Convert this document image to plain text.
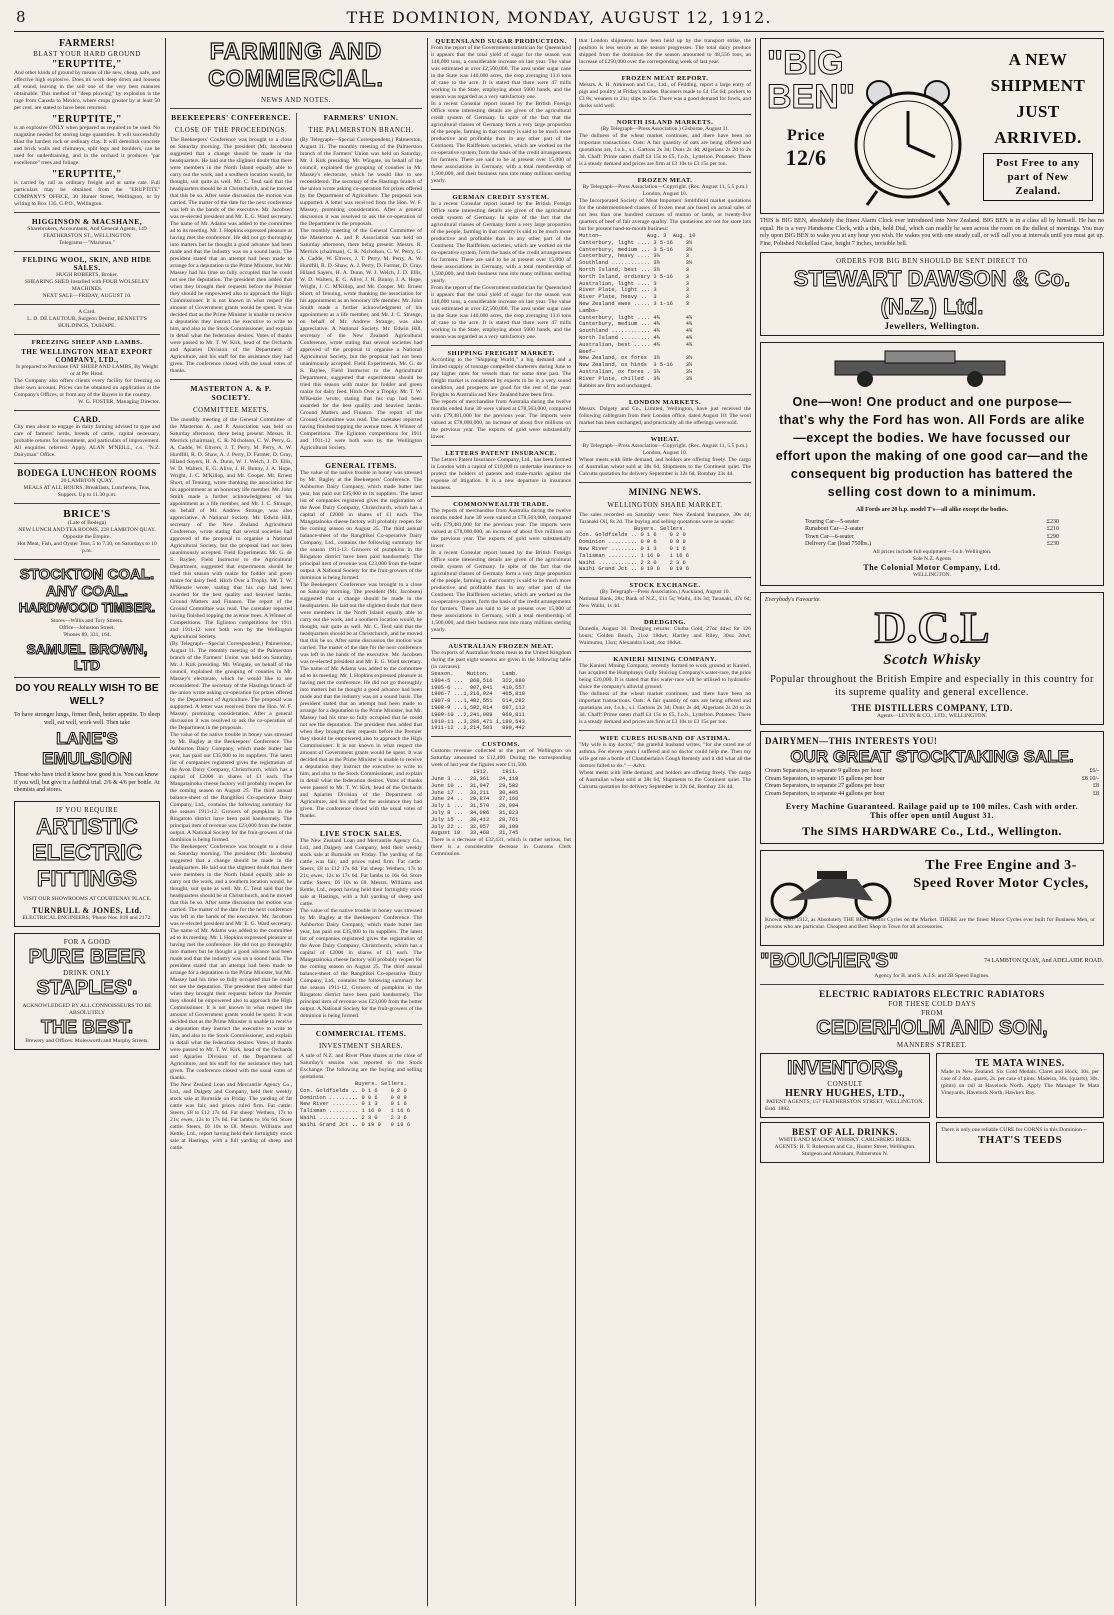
8	THE DOMINION, MONDAY, AUGUST 12, 1912.
FARMERS!
BLAST YOUR HARD GROUND
"ERUPTITE,"
And other kinds of ground by means of the new, cheap, safe, and effective high explosive. Does its work deep down and loosens all round, leaving in the soil one of the very best manures obtainable. This method of "deep plowing" by explosion is the rage from Canada to Mexico, where crops greater by at least 50 per cent. are stated to have been returned.
"ERUPTITE,"
is an explosive ONLY when prepared as required to be used. No magazine needed for storing large quantities. It will successfully blast the hardest rock or ordinary clay. It will demolish concrete and brick walls and chimneys, split logs and boulders, can be used for underdraining, and in the orchard it produces "par excellence" trees and foliage.
"ERUPTITE,"
is carried by rail as ordinary freight and at same rate. Full particulars may be obtained from the "ERUPTITE" COMPANY'S OFFICE, 30 Hunter Street, Wellington, or by writing to Box 135, G.P.O., Wellington.
HIGGINSON & MACSHANE,
Sharebrokers, Accountants, And General Agents, 149 FEATHERSTON ST., WELLINGTON
Telegrams—"Marsman."
FELDING WOOL, SKIN, AND HIDE SALES.
HUGH ROBERTS, Broker.
SHEARING SHED Installed with FOUR WOLSELEY MACHINES.
NEXT SALE—FRIDAY, AUGUST 16.
A Card.
L. D. DE LAUTOUR, Surgeon Dentist, BENNETT'S BUILDINGS, TAIHAPE.
FREEZING SHEEP AND LAMBS.
THE WELLINGTON MEAT EXPORT COMPANY, LTD.,
Is prepared to Purchase FAT SHEEP AND LAMBS, By Weight or at Per Head.
The Company also offers clients every facility for freezing on their own account. Prices can be obtained on application at the Company's Offices, or from any of the Buyers in the country.
W. G. FOSTER, Managing Director.
CARD.
City men about to engage in dairy farming advised to type and care of farmers' herds, breeds of cattle, capital necessary, probable returns for investment, and particulars of improvement. All enquiries referred. Apply ALAN M'NEILL, c.o. "N.Z. Dairyman" Office.
BODEGA LUNCHEON ROOMS
20 LAMBTON QUAY.
MEALS AT ALL HOURS. Breakfasts, Luncheons, Teas, Suppers. Up to 11.30 p.m.
BRICE'S
(Late of Bodega)
NEW LUNCH AND TEA ROOMS, 228 LAMBTON QUAY. Opposite the Empire.
Hot Meat, Fish, and Oyster Teas, 5 to 7.30, on Saturdays to 10 p.m.
STOCKTON COAL.
ANY COAL.
HARDWOOD TIMBER.
Stores—Willis and Tory Streets.
Office—Johnston Street.
'Phones 89, 331, 164.
SAMUEL BROWN, LTD
DO YOU REALLY WISH TO BE WELL?
To have stronger lungs, firmer flesh, better appetite. To sleep well, eat well, work well. Then take
LANE'S
EMULSION
Those who have tried it know how good it is. You can know if you will, but give it a faithful trial. 2/6 & 4/6 per bottle. At chemists and stores.
IF YOU REQUIRE
ARTISTIC
ELECTRIC
FITTINGS
VISIT OUR SHOWROOMS AT COURTENAY PLACE.
TURNBULL & JONES, Ltd.
ELECTRICAL ENGINEERS, 'Phone Nos. 818 and 2172.
FOR A GOOD
PURE BEER
DRINK ONLY
STAPLES'.
ACKNOWLEDGED BY ALL CONNOISSEURS TO BE ABSOLUTELY
THE BEST.
Brewery and Offices: Molesworth and Murphy Streets.
FARMING AND COMMERCIAL.
NEWS AND NOTES.
BEEKEEPERS' CONFERENCE.
CLOSE OF THE PROCEEDINGS.
The Beekeepers' Conference was brought to a close on Saturday morning. The president (Mr. Jacobsen) suggested that a change should be made in the headquarters. He laid out the slightest doubt that there were members in the North Island equally able to carry out the work, and a southern location would, he thought, suit quite as well. Mr. C. Tesd said that the headquarters should be at Christchurch, and he moved that this be so. After some discussion the motion was carried. The matter of the date for the next conference was left in the hands of the executive. Mr. Jacobsen was re-elected president and Mr. E. G. Ward secretary. The name of Mr. Adams was added to the committee ad to its meeting. Mr. I. Hopkins expressed pleasure at having met the conference. He did not go thoroughly into matters but he thought a good advance had been made and that the industry was on a sound basis. The president stated that an attempt had been made to arrange for a deputation to the Prime Minister, but Mr. Massey had his time so fully occupied that he could not see the deputation. The president then added that when they brought their requests before the Premier they should be empowered also to approach the High Commissioner. It is not known in what respect the amount of Government grants would be spent. It was decided that as the Prime Minister is unable to receive a deputation they instruct the executive to write to him, and also to the Stock Commissioner, and explain in detail what the federation desires. Votes of thanks were passed to Mr. T. W. Kirk, head of the Orchards and Apiaries Division of the Department of Agriculture, and his staff for the assistance they had given. The conference closed with the usual votes of thanks.
MASTERTON A. & P. SOCIETY.
COMMITTEE MEETS.
The monthly meeting of the General Committee of the Masterton A. and P. Association was held on Saturday afternoon, there being present: Messrs. R. Merrick (chairman), C. R. Nicholson, C. W. Perry, G. A. Cadde, W. Eltvers, J. T. Perry, M. Perry, A. W. Hurdfill, R. D. Shaw, A. J. Perry, D. Farmer, D. Gray, Hiland Sayers, H. A. Dunn, W. J. Welch, J. D. Ellis, W. D. Walters, E. G. Alive, J. H. Bunny, J. A. Hope, Wright, J. C. M'Killop, and Mr. Cooper. Mr. Ernest Short, of Tenuing, wrote thanking the association for his appointment as an honorary life member. Mr. John Smith made a further acknowledgment of his appointment as a life member, and Mr. J. C. Strange, on behalf of Mr. Andrew Strange, was also appreciative. A National Society. Mr. Edwin Hill, secretary of the New Zealand Agricultural Conference, wrote stating that several societies had approved of the proposal to organise a National Agricultural Society, but the proposal had not been unanimously accepted. Field Experiments. Mr. G. de S. Baylee, Field Instructor to the Agricultural Department, suggested that experiments should be tried this season with maize for fodder and green maize for dairy feed. Hitch Over a Trophy. Mr. T. W. M'Kenzie wrote, stating that his cup had been awarded for the best quality and heaviest lambs. Ground Matters and Finance. The report of the Ground Committee was read. The caretaker reported having finished topping the avenue trees. A Winner of Competitions. The Eglinton competitions for 1911 and 1911-12 were both won by the Wellington Agricultural Society.
(By Telegraph—Special Correspondent.) Palmerston, August 11. The monthly meeting of the Palmerston branch of the Farmers' Union was held on Saturday, Mr. J. Kirk presiding. Mr. Wingate, on behalf of the council, explained the grouping of counties in Mr. Massey's electorate, which he would like to see reconsidered. The secretary of the Hastings branch of the union wrote asking co-operation for prizes offered by the Department of Agriculture. The proposal was supported. A letter was received from the Hon. W. F. Massey, promising consideration. After a general discussion it was resolved to ask the co-operation of the Department in the proposals.
The value of the native trouble in honey was stressed by Mr. Bagley at the Beekeepers' Conference. The Ashburton Dairy Company, which made butter last year, has paid out £35,000 to its suppliers. The latest list of companies registered gives the registration of the Avon Dairy Company, Christchurch, which has a capital of £2000 in shares of £1 each. The Mangatainoka cheese factory will probably reopen for the coming season on August 25. The third annual balance-sheet of the Rangitikei Co-operative Dairy Company, Ltd., contains the following summary for the season 1911-12. Growers of pumpkins in the Ringatoto district have been paid handsomely. The principal item of revenue was £23,000 from the butter output. A National Society for the fruit-growers of the dominion is being formed.
The Beekeepers' Conference was brought to a close on Saturday morning. The president (Mr. Jacobsen) suggested that a change should be made in the headquarters. He laid out the slightest doubt that there were members in the North Island equally able to carry out the work, and a southern location would, he thought, suit quite as well. Mr. C. Tesd said that the headquarters should be at Christchurch, and he moved that this be so. After some discussion the motion was carried. The matter of the date for the next conference was left in the hands of the executive. Mr. Jacobsen was re-elected president and Mr. E. G. Ward secretary. The name of Mr. Adams was added to the committee ad to its meeting. Mr. I. Hopkins expressed pleasure at having met the conference. He did not go thoroughly into matters but he thought a good advance had been made and that the industry was on a sound basis. The president stated that an attempt had been made to arrange for a deputation to the Prime Minister, but Mr. Massey had his time so fully occupied that he could not see the deputation. The president then added that when they brought their requests before the Premier they should be empowered also to approach the High Commissioner. It is not known in what respect the amount of Government grants would be spent. It was decided that as the Prime Minister is unable to receive a deputation they instruct the executive to write to him, and also to the Stock Commissioner, and explain in detail what the federation desires. Votes of thanks were passed to Mr. T. W. Kirk, head of the Orchards and Apiaries Division of the Department of Agriculture, and his staff for the assistance they had given. The conference closed with the usual votes of thanks.
The New Zealand Loan and Mercantile Agency Co., Ltd., and Dalgety and Company, held their weekly stock sale at Burnside on Friday. The yarding of fat cattle was fair, and prices ruled firm. Fat cattle: Steers, £8 to £12 17s 6d. Fat sheep: Wethers, 17s to 21s; ewes, 12s to 17s 6d. Fat lambs to 16s 6d. Store cattle: Steers, £6 10s to £8. Messrs. Williams and Kettle, Ltd., report having held their fortnightly stock sale at Hastings, with a full yarding of sheep and cattle.
FARMERS' UNION.
THE PALMERSTON BRANCH.
(By Telegraph—Special Correspondent.) Palmerston, August 11. The monthly meeting of the Palmerston branch of the Farmers' Union was held on Saturday, Mr. J. Kirk presiding. Mr. Wingate, on behalf of the council, explained the grouping of counties in Mr. Massey's electorate, which he would like to see reconsidered. The secretary of the Hastings branch of the union wrote asking co-operation for prizes offered by the Department of Agriculture. The proposal was supported. A letter was received from the Hon. W. F. Massey, promising consideration. After a general discussion it was resolved to ask the co-operation of the Department in the proposals.
The monthly meeting of the General Committee of the Masterton A. and P. Association was held on Saturday afternoon, there being present: Messrs. R. Merrick (chairman), C. R. Nicholson, C. W. Perry, G. A. Cadde, W. Eltvers, J. T. Perry, M. Perry, A. W. Hurdfill, R. D. Shaw, A. J. Perry, D. Farmer, D. Gray, Hiland Sayers, H. A. Dunn, W. J. Welch, J. D. Ellis, W. D. Walters, E. G. Alive, J. H. Bunny, J. A. Hope, Wright, J. C. M'Killop, and Mr. Cooper. Mr. Ernest Short, of Tenuing, wrote thanking the association for his appointment as an honorary life member. Mr. John Smith made a further acknowledgment of his appointment as a life member, and Mr. J. C. Strange, on behalf of Mr. Andrew Strange, was also appreciative. A National Society. Mr. Edwin Hill, secretary of the New Zealand Agricultural Conference, wrote stating that several societies had approved of the proposal to organise a National Agricultural Society, but the proposal had not been unanimously accepted. Field Experiments. Mr. G. de S. Baylee, Field Instructor to the Agricultural Department, suggested that experiments should be tried this season with maize for fodder and green maize for dairy feed. Hitch Over a Trophy. Mr. T. W. M'Kenzie wrote, stating that his cup had been awarded for the best quality and heaviest lambs. Ground Matters and Finance. The report of the Ground Committee was read. The caretaker reported having finished topping the avenue trees. A Winner of Competitions. The Eglinton competitions for 1911 and 1911-12 were both won by the Wellington Agricultural Society.
GENERAL ITEMS.
The value of the native trouble in honey was stressed by Mr. Bagley at the Beekeepers' Conference. The Ashburton Dairy Company, which made butter last year, has paid out £35,000 to its suppliers. The latest list of companies registered gives the registration of the Avon Dairy Company, Christchurch, which has a capital of £2000 in shares of £1 each. The Mangatainoka cheese factory will probably reopen for the coming season on August 25. The third annual balance-sheet of the Rangitikei Co-operative Dairy Company, Ltd., contains the following summary for the season 1911-12. Growers of pumpkins in the Ringatoto district have been paid handsomely. The principal item of revenue was £23,000 from the butter output. A National Society for the fruit-growers of the dominion is being formed.
The Beekeepers' Conference was brought to a close on Saturday morning. The president (Mr. Jacobsen) suggested that a change should be made in the headquarters. He laid out the slightest doubt that there were members in the North Island equally able to carry out the work, and a southern location would, he thought, suit quite as well. Mr. C. Tesd said that the headquarters should be at Christchurch, and he moved that this be so. After some discussion the motion was carried. The matter of the date for the next conference was left in the hands of the executive. Mr. Jacobsen was re-elected president and Mr. E. G. Ward secretary. The name of Mr. Adams was added to the committee ad to its meeting. Mr. I. Hopkins expressed pleasure at having met the conference. He did not go thoroughly into matters but he thought a good advance had been made and that the industry was on a sound basis. The president stated that an attempt had been made to arrange for a deputation to the Prime Minister, but Mr. Massey had his time so fully occupied that he could not see the deputation. The president then added that when they brought their requests before the Premier they should be empowered also to approach the High Commissioner. It is not known in what respect the amount of Government grants would be spent. It was decided that as the Prime Minister is unable to receive a deputation they instruct the executive to write to him, and also to the Stock Commissioner, and explain in detail what the federation desires. Votes of thanks were passed to Mr. T. W. Kirk, head of the Orchards and Apiaries Division of the Department of Agriculture, and his staff for the assistance they had given. The conference closed with the usual votes of thanks.
LIVE STOCK SALES.
The New Zealand Loan and Mercantile Agency Co., Ltd., and Dalgety and Company, held their weekly stock sale at Burnside on Friday. The yarding of fat cattle was fair, and prices ruled firm. Fat cattle: Steers, £8 to £12 17s 6d. Fat sheep: Wethers, 17s to 21s; ewes, 12s to 17s 6d. Fat lambs to 16s 6d. Store cattle: Steers, £6 10s to £8. Messrs. Williams and Kettle, Ltd., report having held their fortnightly stock sale at Hastings, with a full yarding of sheep and cattle.
The value of the native trouble in honey was stressed by Mr. Bagley at the Beekeepers' Conference. The Ashburton Dairy Company, which made butter last year, has paid out £35,000 to its suppliers. The latest list of companies registered gives the registration of the Avon Dairy Company, Christchurch, which has a capital of £2000 in shares of £1 each. The Mangatainoka cheese factory will probably reopen for the coming season on August 25. The third annual balance-sheet of the Rangitikei Co-operative Dairy Company, Ltd., contains the following summary for the season 1911-12. Growers of pumpkins in the Ringatoto district have been paid handsomely. The principal item of revenue was £23,000 from the butter output. A National Society for the fruit-growers of the dominion is being formed.
COMMERCIAL ITEMS.
INVESTMENT SHARES.
A sale of N.Z. and River Plate shares at the close of Saturday's session was reported to the Stock Exchange. The following are the buying and selling quotations.
Buyers. Sellers.
Con. Goldfields .. 0 1 6    0 2 0
Dominion ......... 0 0 6    0 0 9
New River ........ 0 1 3    0 1 6
Talisman ......... 1 16 0   1 16 6
Waihi ............ 2 3 0    2 3 6
Waihi Grand Jct .. 0 19 0   0 19 6
QUEENSLAND SUGAR PRODUCTION.
From the report of the Government statistician for Queensland it appears that the total yield of sugar for the season was 148,000 tons, a considerable increase on last year. The value was estimated at over £2,500,000. The area under sugar cane in the State was 140,000 acres, the crop averaging 13.6 tons of cane to the acre. It is stated that there were 47 mills working in the State, employing about 5000 hands, and the season was regarded as a very satisfactory one.
In a recent Consular report issued by the British Foreign Office some interesting details are given of the agricultural credit system of Germany. In spite of the fact that the agricultural classes of Germany form a very large proportion of the people, farming in that country is said to be much more productive and profitable than in any other part of the Continent. The Raiffeisen societies, which are worked on the co-operative system, form the basis of the credit arrangements for farmers. There are said to be at present over 15,000 of these associations in Germany, with a total membership of 1,500,000, and their business runs into many millions sterling yearly.
GERMAN CREDIT SYSTEM.
In a recent Consular report issued by the British Foreign Office some interesting details are given of the agricultural credit system of Germany. In spite of the fact that the agricultural classes of Germany form a very large proportion of the people, farming in that country is said to be much more productive and profitable than in any other part of the Continent. The Raiffeisen societies, which are worked on the co-operative system, form the basis of the credit arrangements for farmers. There are said to be at present over 15,000 of these associations in Germany, with a total membership of 1,500,000, and their business runs into many millions sterling yearly.
From the report of the Government statistician for Queensland it appears that the total yield of sugar for the season was 148,000 tons, a considerable increase on last year. The value was estimated at over £2,500,000. The area under sugar cane in the State was 140,000 acres, the crop averaging 13.6 tons of cane to the acre. It is stated that there were 47 mills working in the State, employing about 5000 hands, and the season was regarded as a very satisfactory one.
SHIPPING FREIGHT MARKET.
According to the "Shipping World," a big demand and a limited supply of tonnage compelled charterers during June to pay higher rates for vessels than for some time past. The freight market is considered by experts to be in a very sound condition, and prospects are good for the rest of the year. Freights to Australia and New Zealand have been firm.
The reports of merchandise from Australia during the twelve months ended June 30 were valued at £78,563,000, compared with £79,481,000 for the previous year. The imports were valued at £78,000,000, an increase of about five millions on the previous year. The exports of gold were substantially lower.
LETTERS PATENT INSURANCE.
The Letters Patent Insurance Company, Ltd., has been formed in London with a capital of £10,000 to undertake insurance to protect the holders of patents and trade-marks against the expense of litigation. It is a new departure in insurance business.
COMMONWEALTH TRADE.
The reports of merchandise from Australia during the twelve months ended June 30 were valued at £78,563,000, compared with £79,481,000 for the previous year. The imports were valued at £78,000,000, an increase of about five millions on the previous year. The exports of gold were substantially lower.
In a recent Consular report issued by the British Foreign Office some interesting details are given of the agricultural credit system of Germany. In spite of the fact that the agricultural classes of Germany form a very large proportion of the people, farming in that country is said to be much more productive and profitable than in any other part of the Continent. The Raiffeisen societies, which are worked on the co-operative system, form the basis of the credit arrangements for farmers. There are said to be at present over 15,000 of these associations in Germany, with a total membership of 1,500,000, and their business runs into many millions sterling yearly.
AUSTRALIAN FROZEN MEAT.
The exports of Australian frozen meat to the United Kingdom during the past eight seasons are given in the following table (in carcases):
Season.    Mutton.    Lamb.
1904-5 ...  868,516   322,880
1905-6 ...  907,841   419,557
1906-7 ...1,216,024   405,819
1907-8 ...1,482,551   614,282
1908-9 ...1,592,814   697,113
1909-10 ..2,241,909   960,811
1910-11 ..3,286,471 1,180,543
1911-12 ..2,214,503   899,442
CUSTOMS.
Customs revenue collected at the port of Wellington on Saturday amounted to £12,400. During the corresponding week of last year the figures were £11,500.
1912.    1911.
June 3 ...  28,361   24,118
June 10 ..  31,047   29,582
June 17 ..  33,211   30,405
June 24 ..  29,874   27,166
July 1 ...  31,570   28,994
July 8 ...  34,086   31,823
July 15 ..  30,412   28,761
July 22 ..  32,957   30,109
August 10   33,468   31,745
There is a decrease of £32,431, which is rather serious, but there is a considerable decrease in Customs Clerk Commission.
that London shipments have been held up by the transport strike, the position is less secure as the season progresses. The total dairy produce shipped from the dominion for the season amounted to 48,556 tons, an increase of £250,000 over the corresponding week of last year.
FROZEN MEAT REPORT.
Messrs. A. H. Aitkinson and Co., Ltd., of Feilding, report a large entry of pigs and poultry at Friday's market. Baconers made to £4 15s 6d; porkers to £3 8s; weaners to 21s; slips to 35s. There was a good demand for fowls, and ducks sold well.
NORTH ISLAND MARKETS.
(By Telegraph—Press Association.) Gisborne, August 11.
The dullness of the wheat market continues, and there have been no important transactions. Oats: A fair quantity of oats are being offered and quotations are, f.o.b., s.i. Gartons 2s 3d; Duns 2s 4d; Algerians 2s 2d to 2s 3d. Chaff: Prime oaten chaff £4 15s to £5, f.o.b., Lyttelton. Potatoes: There is a steady demand and prices are firm at £3 10s to £3 15s per ton.
FROZEN MEAT.
By Telegraph—Press Association—Copyright. (Rec. August 11, 5.5 p.m.) London, August 10.
The Incorporated Society of Meat Importers' Smithfield market quotations for the undermentioned classes of frozen meat are based on actual sales of not less than one hundred carcases of mutton or lamb, or twenty-five quarters of beef of fair average quality. The quotations are not for store lots but for present hand-to-mouth business:
Mutton—              Aug. 3  Aug. 10
Canterbury, light .... 3 5-16    3½
Canterbury, medium ... 3 5-16    3½
Canterbury, heavy .... 3¼        3
Southland ............ 3½        3½
North Island, best ... 3½        3
North Island, ordinary 3 5-16    3
Australian, light .... 3         3
River Plate, light ... 3         3
River Plate, heavy ..  3         3
New Zealand ewes ..... 3 1-16    3
Lambs—
Canterbury, light .... 4¾        4¾
Canterbury, medium ... 4¾        4¾
Southland ............ 4¾        4¾
North Island ......... 4¾        4¾
Australian, best ..... 4¾        4¾
Beef—
New Zealand, ox fores  3½        3½
New Zealand, ox hinds  3 5-16    3½
Australian, ox fores . 3¼        3¼
River Plate, chilled . 3¾        3¾
Rabbits are firm and unchanged.
LONDON MARKETS.
Messrs. Dalgety and Co., Limited, Wellington, have just received the following cablegram from their London office, dated August 10: The wool market has been unchanged, and practically all the offerings were sold.
WHEAT.
By Telegraph—Press Association—Copyright. (Rec. August 11, 5.5 p.m.) London, August 10.
Wheat meets with little demand, and holders are offering freely. The cargo of Australian wheat sold at 38s 6d, Shipments to the Continent quiet. The Calcutta quotation for delivery September is 32s 6d, Bombay 33s 4d.
MINING NEWS.
WELLINGTON SHARE MARKET.
The sales recorded on Saturday were: New Zealand Insurance, 30s 4d; Taranaki Oil, 8s 2d. The buying and selling quotations were as under:
Buyers. Sellers.
Con. Goldfields .. 0 1 6    0 2 0
Dominion ......... 0 0 6    0 0 9
New River ........ 0 1 3    0 1 6
Talisman ......... 1 16 0   1 16 6
Waihi ............ 2 3 0    2 3 6
Waihi Grand Jct .. 0 19 0   0 19 6
STOCK EXCHANGE.
(By Telegraph—Press Association.) Auckland, August 10.
National Bank, 28s; Bank of N.Z., £11 5s; Waihi, 43s 3d; Taranaki, 47s 6d; New Waihi, 1s 4d.
DREDGING.
Dunedin, August 10. Dredging returns: Clutha Gold, 27oz 4dwt for 126 hours; Golden Beach, 21oz 18dwt; Hartley and Riley, 30oz 2dwt; Waimumu, 13oz; Alexandra Lead, 4oz 18dwt.
KANIERI MINING COMPANY.
The Kanieri Mining Company, recently formed to work ground at Kanieri, has acquired the Humphreys Gully Sluicing Company's water-race, the price being £20,000. It is stated that this water-race will be utilised to hydraulic-sluice the company's alluvial ground.
The dullness of the wheat market continues, and there have been no important transactions. Oats: A fair quantity of oats are being offered and quotations are, f.o.b., s.i. Gartons 2s 3d; Duns 2s 4d; Algerians 2s 2d to 2s 3d. Chaff: Prime oaten chaff £4 15s to £5, f.o.b., Lyttelton. Potatoes: There is a steady demand and prices are firm at £3 10s to £3 15s per ton.
WIFE CURES HUSBAND OF ASTHMA.
"My wife is my doctor," the grateful husband writes, "for she cured me of asthma. For eleven years I suffered and no doctor could help me. Then my wife got me a bottle of Chamberlain's Cough Remedy and it did what all the doctors failed to do." —Advt.
Wheat meets with little demand, and holders are offering freely. The cargo of Australian wheat sold at 38s 6d, Shipments to the Continent quiet. The Calcutta quotation for delivery September is 32s 6d, Bombay 33s 4d.
"BIG
BEN"
Price
12/6
A NEW SHIPMENT JUST ARRIVED.
Post Free to any part of New Zealand.
THIS is BIG BEN, absolutely the finest Alarm Clock ever introduced into New Zealand. BIG BEN is in a class all by himself. He has no equal. He is a very Handsome Clock, with a thin, bold Dial, which can readily be seen across the room on the dullest of mornings. You may rely upon BIG BEN to wake you at any hour you wish. He wakes you with one steady call, or will call you at intervals until you must get up. Fine, Polished Nickelled Case, height 7 inches, invisible bell.
ORDERS FOR BIG BEN SHOULD BE SENT DIRECT TO
STEWART DAWSON & Co. (N.Z.) Ltd.
Jewellers, Wellington.
One—won! One product and one purpose—that's why the Ford has won. All Fords are alike—except the bodies. We have focussed our effort upon the making of one good car—and the consequent big production has battered the selling cost down to a minimum.
All Fords are 20 h.p. model T's—all alike except the bodies.
Touring Car—5-seater	£230
Runabout Car—2-seater	£210
Town Car—6-seater	£290
Delivery Car (load 750lbs.)	£230
All prices include full equipment—f.o.b. Wellington.
Sole N.Z. Agents
The Colonial Motor Company, Ltd.
WELLINGTON.
Everybody's Favourite.
D.C.L
Scotch Whisky
Popular throughout the British Empire and especially in this country for its supreme quality and general excellence.
THE DISTILLERS COMPANY, LTD.
Agents—LEVIN & CO., LTD., WELLINGTON.
DAIRYMEN—THIS INTERESTS YOU!
OUR GREAT STOCKTAKING SALE.
Cream Separators, to separate 9 gallons per hour	£6/-
Cream Separators, to separate 15 gallons per hour	£8 10/-
Cream Separators, to separate 27 gallons per hour	£8
Cream Separators, to separate 44 gallons per hour	£8
Every Machine Guaranteed. Railage paid up to 100 miles. Cash with order.
This offer open until August 31.
The SIMS HARDWARE Co., Ltd., Wellington.
The Free Engine and 3-Speed Rover Motor Cycles,
Known since 1912, as Absolutely THE BEST Motor Cycles on the Market. THERE are the finest Motor Cycles ever built for Business Men, or persons who are particular. Cheapest and Best Shop in Town for all accessories.
"BOUCHER'S"	74 LAMBTON QUAY, And ADELAIDE ROAD.
Agency for B. and S. A.J.S. and 2B Speed Engines.
ELECTRIC RADIATORS ELECTRIC RADIATORS
FOR THESE COLD DAYS
FROM
CEDERHOLM AND SON,
MANNERS STREET.
INVENTORS,
CONSULT
HENRY HUGHES, LTD.,
PATENT AGENTS, 157 FEATHERSTON STREET, WELLINGTON.
Estd. 1882.
TE MATA WINES.
Made in New Zealand. Six Gold Medals. Claret and Hock, 30s. per case of 2 doz. quarts, 2s. per case of pints. Madeira, 36s. (quarts), 30s. (pints) on rail at Havelock North. Apply The Manager Te Mata Vineyards, Havelock North, Hawke's Bay.
BEST OF ALL DRINKS.
WHITE AND MACKAY WHISKY. CARLSBERG BEER.
AGENTS: H. T. Robertson and Co., Hunter Street, Wellington. Sturgeon and Abraham, Palmerston N.
There is only one reliable CURE for CORNS in this Dominion—
THAT'S TEEDS
